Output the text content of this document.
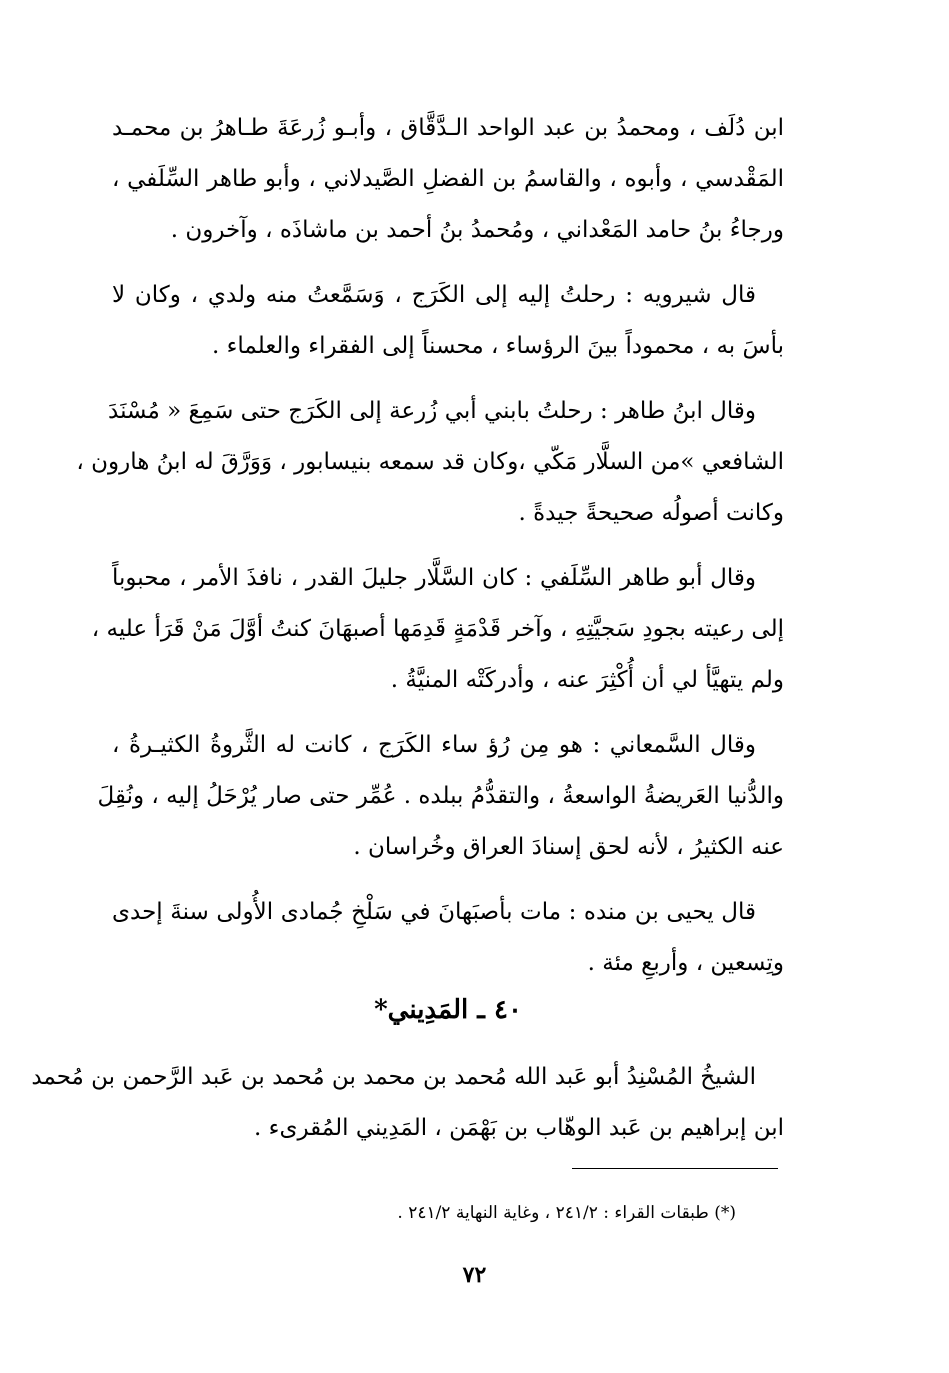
ابن دُلَف ، ومحمدُ بن عبد الواحد الـدَّقَّاق ، وأبـو زُرعَةَ طـاهرُ بن محمـد
المَقْدسي ، وأبوه ، والقاسمُ بن الفضلِ الصَّيدلاني ، وأبو طاهر السِّلَفي ،
ورجاءُ بنُ حامد المَعْداني ، ومُحمدُ بنُ أحمد بن ماشاذَه ، وآخرون .

قال شيرويه : رحلتُ إليه إلى الكَرَج ، وَسَمَّعتُ منه ولدي ، وكان لا
بأسَ به ، محموداً بينَ الرؤساء ، محسناً إلى الفقراء والعلماء .

وقال ابنُ طاهر : رحلتُ بابني أبي زُرعة إلى الكَرَج حتى سَمِعَ « مُسْنَدَ
الشافعي »من السلَّار مَكّي ،وكان قد سمعه بنيسابور ، وَوَرَّقَ له ابنُ هارون ،
وكانت أصولُه صحيحةً جيدةً .

وقال أبو طاهر السِّلَفي : كان السَّلَّار جليلَ القدر ، نافذَ الأمر ، محبوباً
إلى رعيته بجودِ سَجيَّتِهِ ، وآخر قَدْمَةٍ قَدِمَها أصبهَانَ كنتُ أوَّلَ مَنْ قَرَأ عليه ،
ولم يتهيَّأ لي أن أُكْثِرَ عنه ، وأدركَتْه المنيَّةُ .

وقال السَّمعاني : هو مِن رُؤ ساء الكَرَج ، كانت له الثَّروةُ الكثيـرةُ ،
والدُّنيا العَريضةُ الواسعةُ ، والتقدُّمُ ببلده . عُمِّر حتى صار يُرْحَلُ إليه ، ونُقِلَ
عنه الكثيرُ ، لأنه لحق إسنادَ العراق وخُراسان .

قال يحيى بن منده : مات بأصبَهانَ في سَلْخِ جُمادى الأُولى سنةَ إحدى
وتِسعين ، وأربعِ مئة .

٤٠ ـ المَدِيني*

الشيخُ المُسْنِدُ أبو عَبد الله مُحمد بن محمد بن مُحمد بن عَبد الرَّحمن بن مُحمد
ابن إبراهيم بن عَبد الوهّاب بن بَهْمَن ، المَدِيني المُقرىء .

(*) طبقات القراء : ٢٤١/٢ ، وغاية النهاية ٢٤١/٢ .
٧٢
